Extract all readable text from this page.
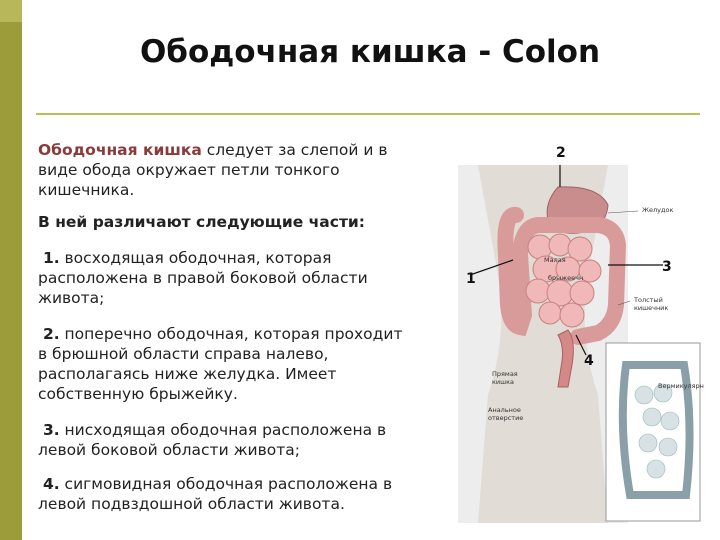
Ободочная кишка - Colon
Ободочная кишка следует за слепой и в
виде обода окружает петли тонкого
кишечника.
В ней различают следующие части:
1. восходящая ободочная, которая
расположена в правой боковой области
живота;
2. поперечно ободочная, которая проходит
в брюшной области справа налево,
располагаясь ниже желудка. Имеет
собственную брыжейку.
3. нисходящая ободочная расположена в
левой боковой области живота;
4. сигмовидная ободочная расположена в
левой подвздошной области живота.
2
1
3
4
Желудок
Малая
брыжеечн
Толстый
кишечник
Прямая
кишка
Анальное
отверстие
Вермикулярн
